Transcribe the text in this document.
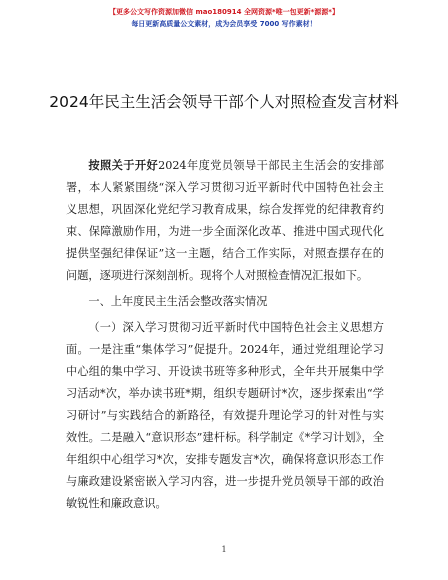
【更多公文写作资源加微信 mao180914 全网资源*唯一包更新*源源*】
每日更新高质量公文素材，成为会员享受 7000 写作素材！
2024年民主生活会领导干部个人对照检查发言材料

按照关于开好2024年度党员领导干部民主生活会的安排部署，本人紧紧围绕“深入学习贯彻习近平新时代中国特色社会主义思想，巩固深化党纪学习教育成果，综合发挥党的纪律教育约束、保障激励作用，为进一步全面深化改革、推进中国式现代化提供坚强纪律保证”这一主题，结合工作实际，对照查摆存在的问题，逐项进行深刻剖析。现将个人对照检查情况汇报如下。

一、上年度民主生活会整改落实情况

（一）深入学习贯彻习近平新时代中国特色社会主义思想方面。一是注重“集体学习”促提升。2024年，通过党组理论学习中心组的集中学习、开设读书班等多种形式，全年共开展集中学习活动*次，举办读书班*期，组织专题研讨*次，逐步探索出“学习研讨”与实践结合的新路径，有效提升理论学习的针对性与实效性。二是融入“意识形态”建杆标。科学制定《*学习计划》，全年组织中心组学习*次，安排专题发言*次，确保将意识形态工作与廉政建设紧密嵌入学习内容，进一步提升党员领导干部的政治敏锐性和廉政意识。

1
